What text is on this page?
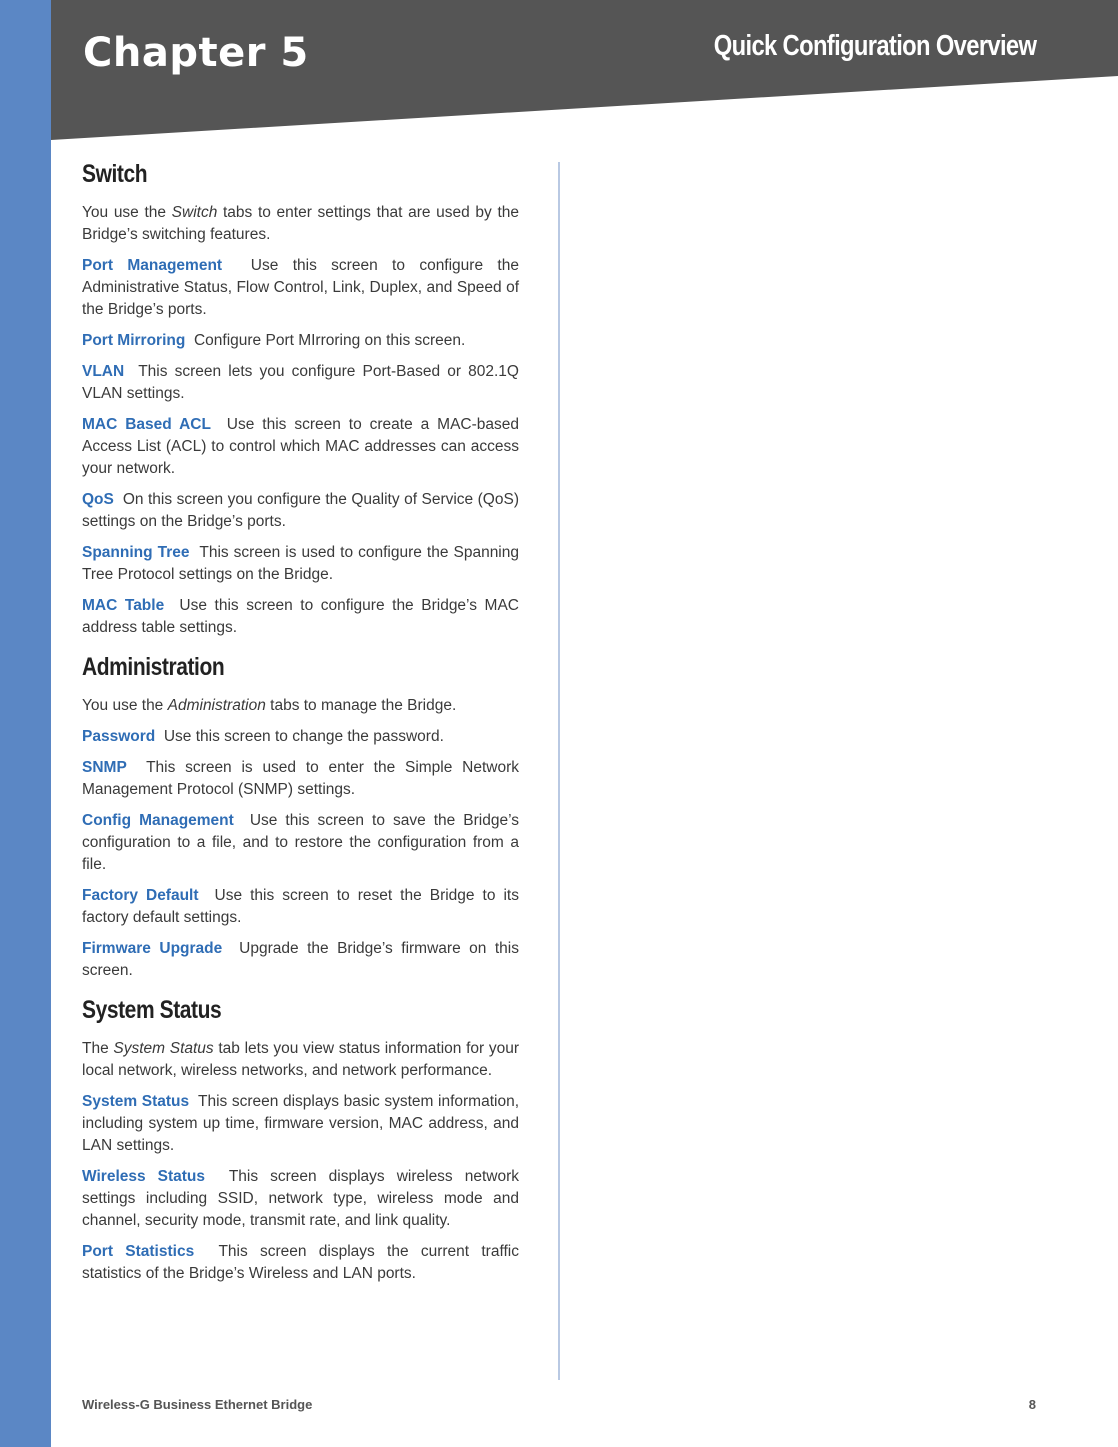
Chapter 5	Quick Configuration Overview
Switch

You use the Switch tabs to enter settings that are used by the Bridge’s switching features.

Port Management Use this screen to configure the Administrative Status, Flow Control, Link, Duplex, and Speed of the Bridge’s ports.

Port Mirroring Configure Port MIrroring on this screen.

VLAN This screen lets you configure Port-Based or 802.1Q VLAN settings.

MAC Based ACL Use this screen to create a MAC-based Access List (ACL) to control which MAC addresses can access your network.

QoS On this screen you configure the Quality of Service (QoS) settings on the Bridge’s ports.

Spanning Tree This screen is used to configure the Spanning Tree Protocol settings on the Bridge.

MAC Table Use this screen to configure the Bridge’s MAC address table settings.

Administration

You use the Administration tabs to manage the Bridge.

Password Use this screen to change the password.

SNMP This screen is used to enter the Simple Network Management Protocol (SNMP) settings.

Config Management Use this screen to save the Bridge’s configuration to a file, and to restore the configuration from a file.

Factory Default Use this screen to reset the Bridge to its factory default settings.

Firmware Upgrade Upgrade the Bridge’s firmware on this screen.

System Status

The System Status tab lets you view status information for your local network, wireless networks, and network performance.

System Status This screen displays basic system information, including system up time, firmware version, MAC address, and LAN settings.

Wireless Status This screen displays wireless network settings including SSID, network type, wireless mode and channel, security mode, transmit rate, and link quality.

Port Statistics This screen displays the current traffic statistics of the Bridge’s Wireless and LAN ports.

Wireless-G Business Ethernet Bridge	8
